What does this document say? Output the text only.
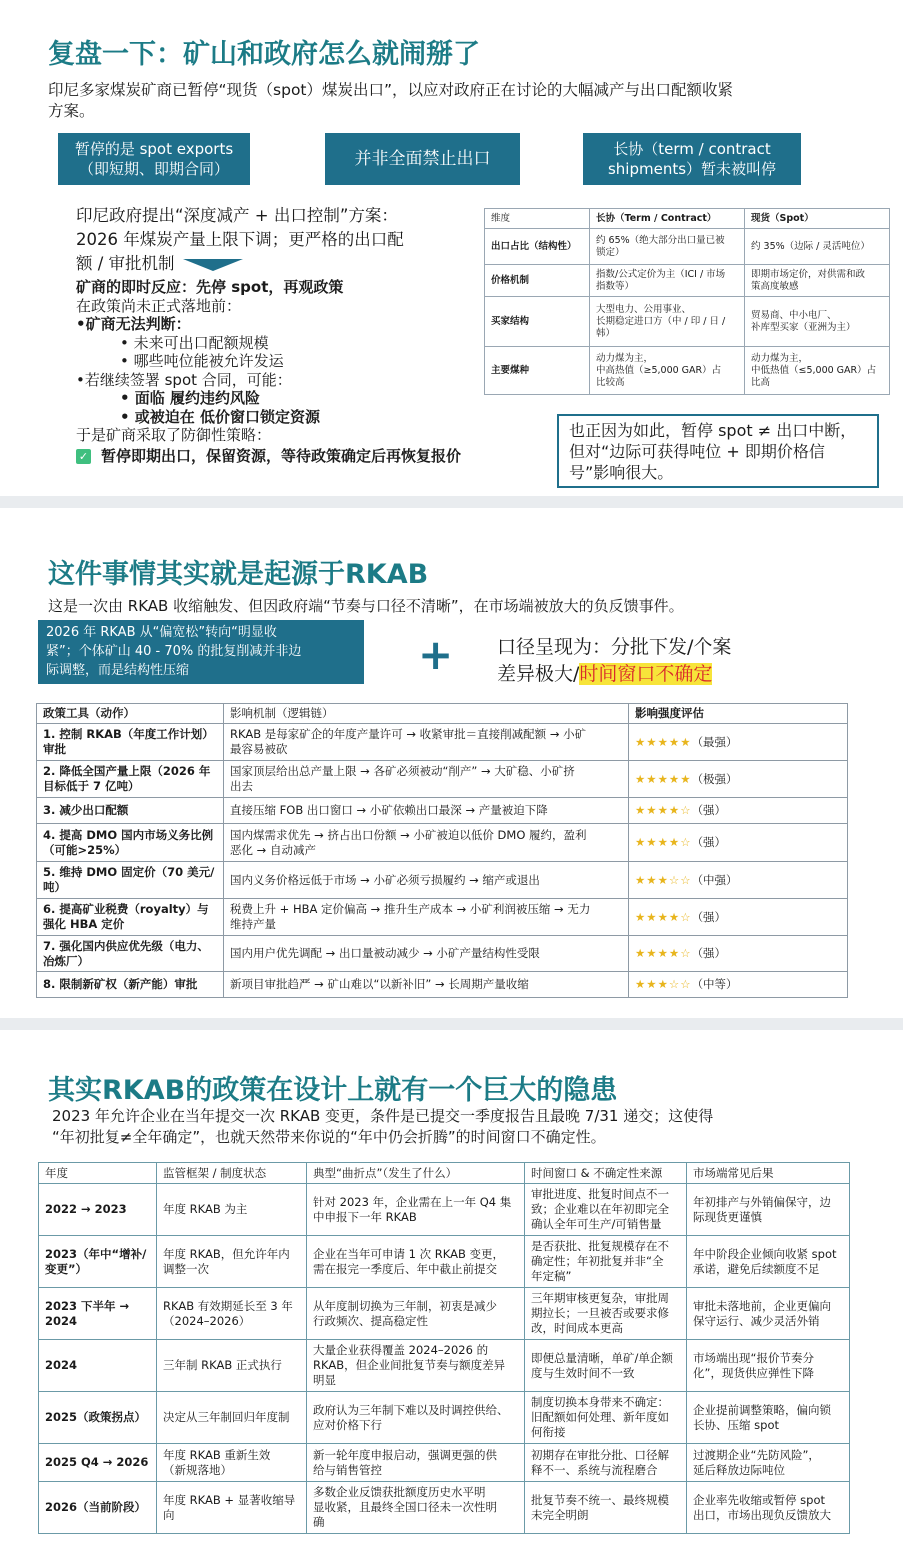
复盘一下：矿山和政府怎么就闹掰了
印尼多家煤炭矿商已暂停“现货（spot）煤炭出口”，以应对政府正在讨论的大幅减产与出口配额收紧
方案。
暂停的是 spot exports
（即短期、即期合同）	并非全面禁止出口	长协（term / contract
shipments）暂未被叫停
印尼政府提出“深度减产 + 出口控制”方案：
2026 年煤炭产量上限下调；更严格的出口配
额 / 审批机制
矿商的即时反应：先停 spot，再观政策
在政策尚未正式落地前：
•矿商无法判断：
• 未来可出口配额规模
• 哪些吨位能被允许发运
•若继续签署 spot 合同，可能：
• 面临 履约违约风险
• 或被迫在 低价窗口锁定资源
于是矿商采取了防御性策略：
✓ 暂停即期出口，保留资源，等待政策确定后再恢复报价
维度	长协（Term / Contract）	现货（Spot）
出口占比（结构性）	约 65%（绝大部分出口量已被
锁定）	约 35%（边际 / 灵活吨位）
价格机制	指数/公式定价为主（ICI / 市场
指数等）	即期市场定价，对供需和政
策高度敏感
买家结构	大型电力、公用事业、
长期稳定进口方（中 / 印 / 日 /
韩）	贸易商、中小电厂、
补库型买家（亚洲为主）
主要煤种	动力煤为主，
中高热值（≥5,000 GAR）占
比较高	动力煤为主，
中低热值（≤5,000 GAR）占
比高
也正因为如此，暂停 spot ≠ 出口中断，
但对“边际可获得吨位 + 即期价格信
号”影响很大。
这件事情其实就是起源于RKAB
这是一次由 RKAB 收缩触发、但因政府端“节奏与口径不清晰”，在市场端被放大的负反馈事件。
2026 年 RKAB 从“偏宽松”转向“明显收
紧”；个体矿山 40 - 70% 的批复削减并非边
际调整，而是结构性压缩	+ 口径呈现为：分批下发/个案
差异极大/时间窗口不确定
政策工具（动作）	影响机制（逻辑链）	影响强度评估
1. 控制 RKAB（年度工作计划）
审批	RKAB 是每家矿企的年度产量许可 → 收紧审批＝直接削减配额 → 小矿
最容易被砍	★★★★★（最强）
2. 降低全国产量上限（2026 年
目标低于 7 亿吨）	国家顶层给出总产量上限 → 各矿必须被动“削产” → 大矿稳、小矿挤
出去	★★★★★（极强）
3. 减少出口配额	直接压缩 FOB 出口窗口 → 小矿依赖出口最深 → 产量被迫下降	★★★★☆（强）
4. 提高 DMO 国内市场义务比例
（可能>25%）	国内煤需求优先 → 挤占出口份额 → 小矿被迫以低价 DMO 履约，盈利
恶化 → 自动减产	★★★★☆（强）
5. 维持 DMO 固定价（70 美元/
吨）	国内义务价格远低于市场 → 小矿必须亏损履约 → 缩产或退出	★★★☆☆（中强）
6. 提高矿业税费（royalty）与
强化 HBA 定价	税费上升 + HBA 定价偏高 → 推升生产成本 → 小矿利润被压缩 → 无力
维持产量	★★★★☆（强）
7. 强化国内供应优先级（电力、
冶炼厂）	国内用户优先调配 → 出口量被动减少 → 小矿产量结构性受限	★★★★☆（强）
8. 限制新矿权（新产能）审批	新项目审批趋严 → 矿山难以“以新补旧” → 长周期产量收缩	★★★☆☆（中等）
其实RKAB的政策在设计上就有一个巨大的隐患
2023 年允许企业在当年提交一次 RKAB 变更，条件是已提交一季度报告且最晚 7/31 递交；这使得
“年初批复≠全年确定”，也就天然带来你说的“年中仍会折腾”的时间窗口不确定性。
年度	监管框架 / 制度状态	典型“曲折点”（发生了什么）	时间窗口 & 不确定性来源	市场端常见后果
2022 → 2023	年度 RKAB 为主	针对 2023 年，企业需在上一年 Q4 集
中申报下一年 RKAB	审批进度、批复时间点不一
致；企业难以在年初即完全
确认全年可生产/可销售量	年初排产与外销偏保守，边
际现货更谨慎
2023（年中“增补/
变更”）	年度 RKAB，但允许年内
调整一次	企业在当年可申请 1 次 RKAB 变更，
需在报完一季度后、年中截止前提交	是否获批、批复规模存在不
确定性；年初批复并非“全
年定稿”	年中阶段企业倾向收紧 spot
承诺，避免后续额度不足
2023 下半年 →
2024	RKAB 有效期延长至 3 年
（2024–2026）	从年度制切换为三年制，初衷是减少
行政频次、提高稳定性	三年期审核更复杂，审批周
期拉长；一旦被否或要求修
改，时间成本更高	审批未落地前，企业更偏向
保守运行、减少灵活外销
2024	三年制 RKAB 正式执行	大量企业获得覆盖 2024–2026 的
RKAB，但企业间批复节奏与额度差异
明显	即便总量清晰，单矿/单企额
度与生效时间不一致	市场端出现“报价节奏分
化”，现货供应弹性下降
2025（政策拐点）	决定从三年制回归年度制	政府认为三年制下难以及时调控供给、
应对价格下行	制度切换本身带来不确定：
旧配额如何处理、新年度如
何衔接	企业提前调整策略，偏向锁
长协、压缩 spot
2025 Q4 → 2026	年度 RKAB 重新生效
（新规落地）	新一轮年度申报启动，强调更强的供
给与销售管控	初期存在审批分批、口径解
释不一、系统与流程磨合	过渡期企业“先防风险”，
延后释放边际吨位
2026（当前阶段）	年度 RKAB + 显著收缩导
向	多数企业反馈获批额度历史水平明
显收紧，且最终全国口径未一次性明
确	批复节奏不统一、最终规模
未完全明朗	企业率先收缩或暂停 spot
出口，市场出现负反馈放大
